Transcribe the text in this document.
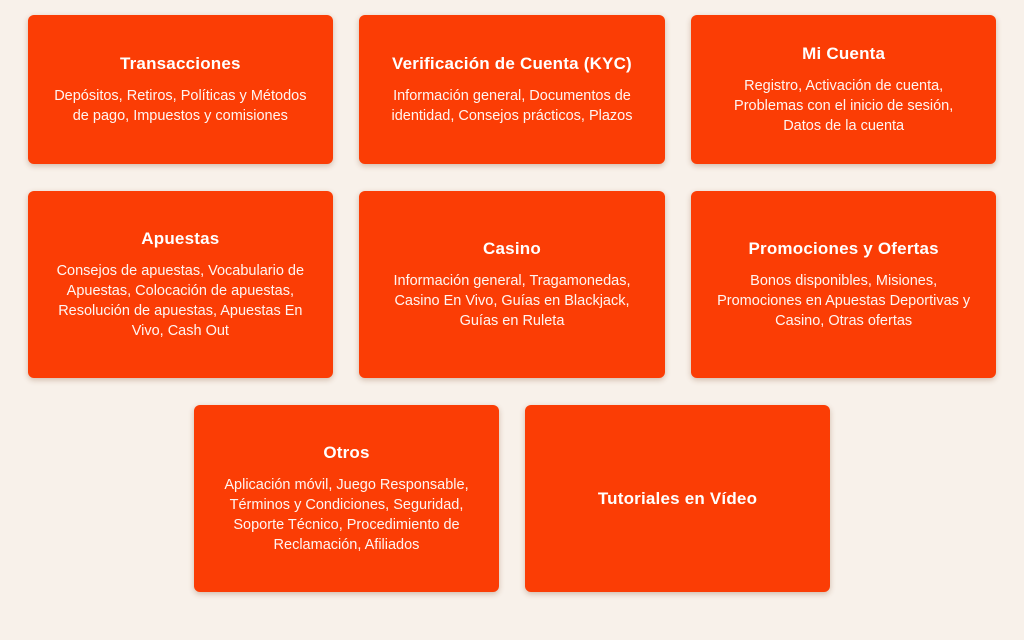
Transacciones

Depósitos, Retiros, Políticas y Métodos de pago, Impuestos y comisiones

Verificación de Cuenta (KYC)

Información general, Documentos de identidad, Consejos prácticos, Plazos

Mi Cuenta

Registro, Activación de cuenta, Problemas con el inicio de sesión, Datos de la cuenta

Apuestas

Consejos de apuestas, Vocabulario de Apuestas, Colocación de apuestas, Resolución de apuestas, Apuestas En Vivo, Cash Out

Casino

Información general, Tragamonedas, Casino En Vivo, Guías en Blackjack, Guías en Ruleta

Promociones y Ofertas

Bonos disponibles, Misiones, Promociones en Apuestas Deportivas y Casino, Otras ofertas

Otros

Aplicación móvil, Juego Responsable, Términos y Condiciones, Seguridad, Soporte Técnico, Procedimiento de Reclamación, Afiliados

Tutoriales en Vídeo
